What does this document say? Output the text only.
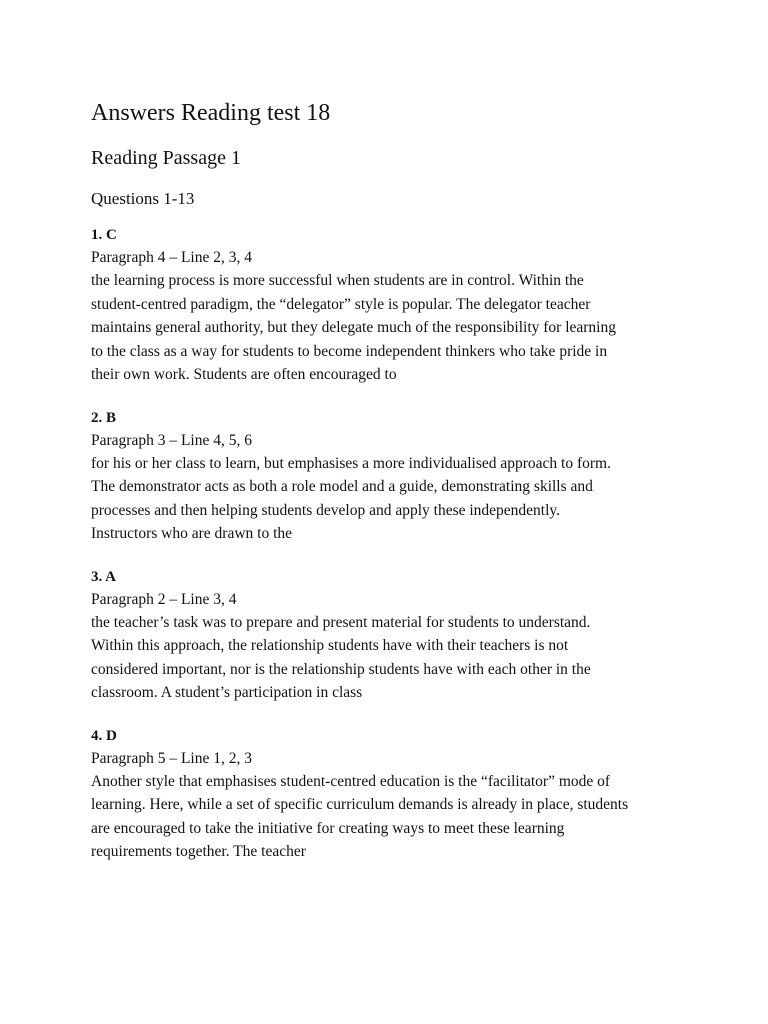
Answers Reading test 18
Reading Passage 1
Questions 1-13

1. C

Paragraph 4 – Line 2, 3, 4

the learning process is more successful when students are in control. Within the
student-centred paradigm, the “delegator” style is popular. The delegator teacher
maintains general authority, but they delegate much of the responsibility for learning
to the class as a way for students to become independent thinkers who take pride in
their own work. Students are often encouraged to

2. B

Paragraph 3 – Line 4, 5, 6

for his or her class to learn, but emphasises a more individualised approach to form.
The demonstrator acts as both a role model and a guide, demonstrating skills and
processes and then helping students develop and apply these independently.
Instructors who are drawn to the

3. A

Paragraph 2 – Line 3, 4

the teacher’s task was to prepare and present material for students to understand.
Within this approach, the relationship students have with their teachers is not
considered important, nor is the relationship students have with each other in the
classroom. A student’s participation in class

4. D

Paragraph 5 – Line 1, 2, 3

Another style that emphasises student-centred education is the “facilitator” mode of
learning. Here, while a set of specific curriculum demands is already in place, students
are encouraged to take the initiative for creating ways to meet these learning
requirements together. The teacher
